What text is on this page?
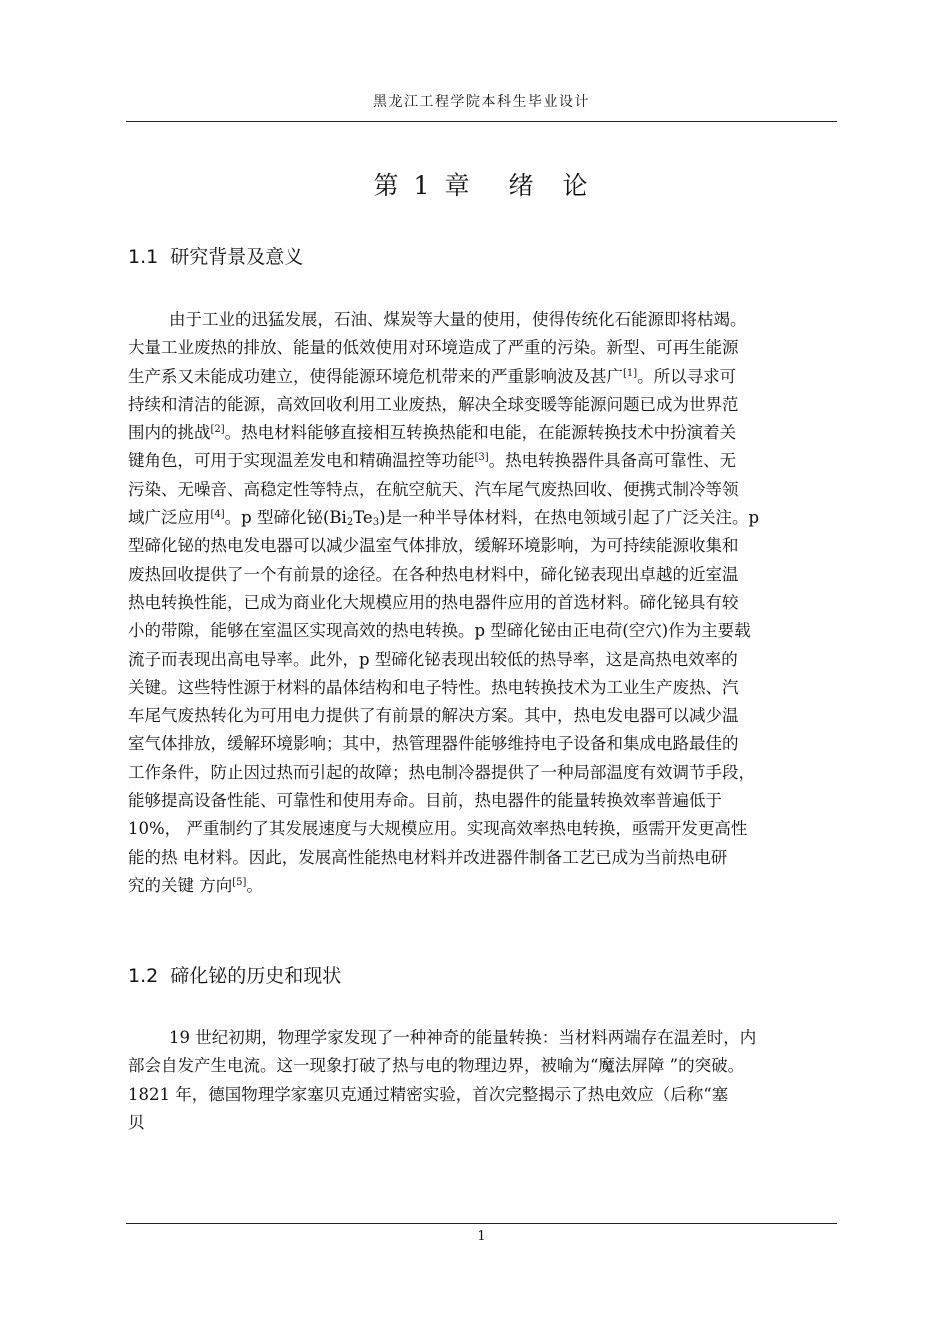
黑龙江工程学院本科生毕业设计
第 1 章 绪 论
1.1 研究背景及意义
由于工业的迅猛发展，石油、煤炭等大量的使用，使得传统化石能源即将枯竭。
大量工业废热的排放、能量的低效使用对环境造成了严重的污染。新型、可再生能源
生产系又未能成功建立，使得能源环境危机带来的严重影响波及甚广[1]。所以寻求可
持续和清洁的能源，高效回收利用工业废热，解决全球变暖等能源问题已成为世界范
围内的挑战[2]。热电材料能够直接相互转换热能和电能，在能源转换技术中扮演着关
键角色，可用于实现温差发电和精确温控等功能[3]。热电转换器件具备高可靠性、无
污染、无噪音、高稳定性等特点，在航空航天、汽车尾气废热回收、便携式制冷等领
域广泛应用[4]。p 型碲化铋$(Bi_2Te_3)$是一种半导体材料，在热电领域引起了广泛关注。p
型碲化铋的热电发电器可以减少温室气体排放，缓解环境影响，为可持续能源收集和
废热回收提供了一个有前景的途径。在各种热电材料中，碲化铋表现出卓越的近室温
热电转换性能，已成为商业化大规模应用的热电器件应用的首选材料。碲化铋具有较
小的带隙，能够在室温区实现高效的热电转换。p 型碲化铋由正电荷(空穴)作为主要载
流子而表现出高电导率。此外，p 型碲化铋表现出较低的热导率，这是高热电效率的
关键。这些特性源于材料的晶体结构和电子特性。热电转换技术为工业生产废热、汽
车尾气废热转化为可用电力提供了有前景的解决方案。其中，热电发电器可以减少温
室气体排放，缓解环境影响；其中，热管理器件能够维持电子设备和集成电路最佳的
工作条件，防止因过热而引起的故障；热电制冷器提供了一种局部温度有效调节手段，
能够提高设备性能、可靠性和使用寿命。目前，热电器件的能量转换效率普遍低于
10%， 严重制约了其发展速度与大规模应用。实现高效率热电转换，亟需开发更高性
能的热 电材料。因此，发展高性能热电材料并改进器件制备工艺已成为当前热电研
究的关键 方向[5]。
1.2 碲化铋的历史和现状
19 世纪初期，物理学家发现了一种神奇的能量转换：当材料两端存在温差时，内
部会自发产生电流。这一现象打破了热与电的物理边界，被喻为“魔法屏障 ”的突破。
1821 年，德国物理学家塞贝克通过精密实验，首次完整揭示了热电效应（后称“塞
贝
1
